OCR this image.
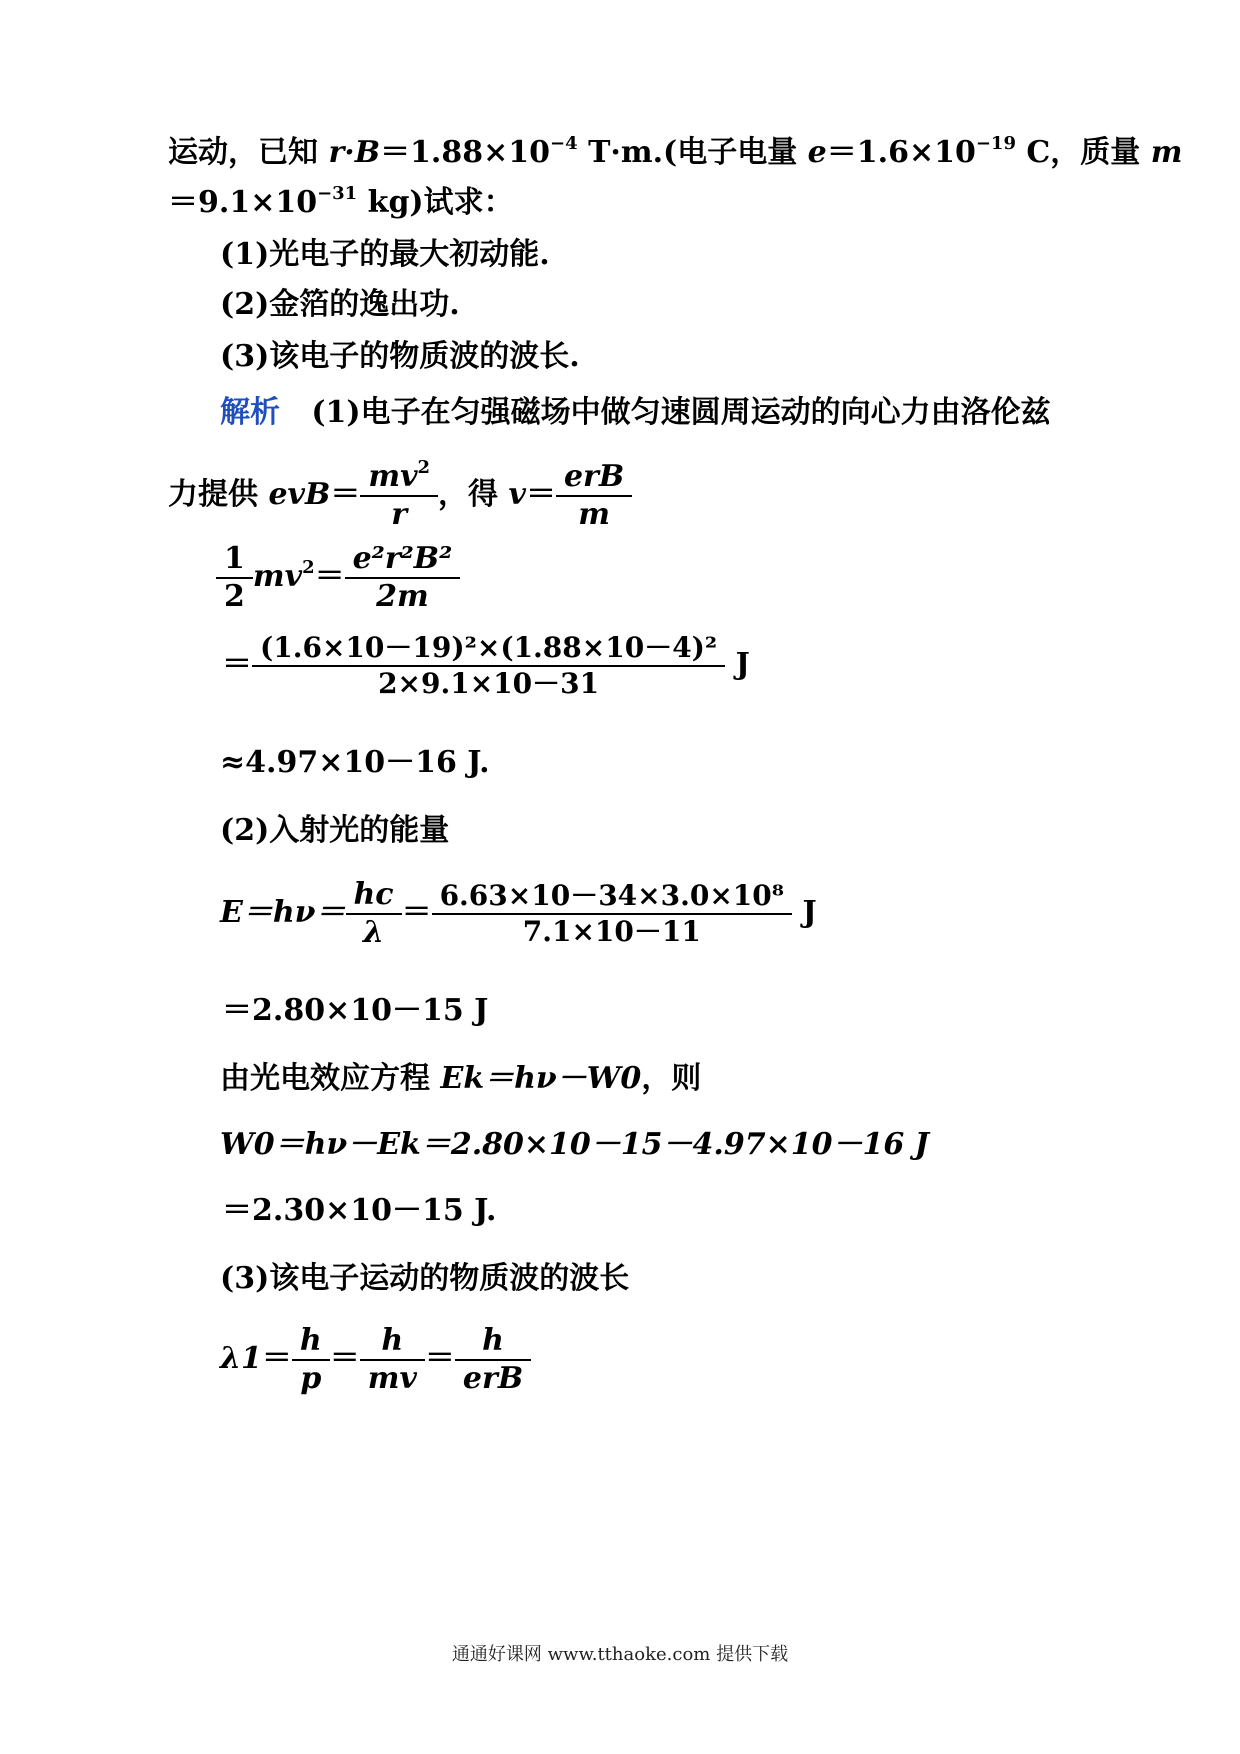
运动，已知 $r\cdot B=1.88\times 10^{-4}$ T·m.(电子电量 $e=1.6\times 10^{-19}$ C，质量 m
$=9.1\times 10^{-31}$ kg)试求：
(1)光电子的最大初动能.
(2)金箔的逸出功.
(3)该电子的物质波的波长.
解析 (1)电子在匀强磁场中做匀速圆周运动的向心力由洛伦兹
力提供 $evB= \frac{mv^2}{r}$ ，得 $v= \frac{\text{erB}}{m}$
$\frac{1}{2} mv^2= \frac{\text{e²r²B²}}{2m}$
＝ $\frac{\text{(1.6×10－19)²×(1.88×10－4)²}}{2\times 9.1\times 10-31}$ J
≈4.97×10－16 J.
(2)入射光的能量
$E=h\nu= \frac{hc}{\lambda} = \frac{\text{6.63×10－34×3.0×10⁸}}{7.1\times 10-11}$ J
＝2.80×10－15 J
由光电效应方程 Ek＝hν－W0，则
W0＝hν－Ek＝2.80×10－15－4.97×10－16 J
＝2.30×10－15 J.
(3)该电子运动的物质波的波长
$\lambda 1= \frac{h}{p} = \frac{h}{mv} = \frac{h}{\text{erB}}$
通通好课网 www.tthaoke.com 提供下载
